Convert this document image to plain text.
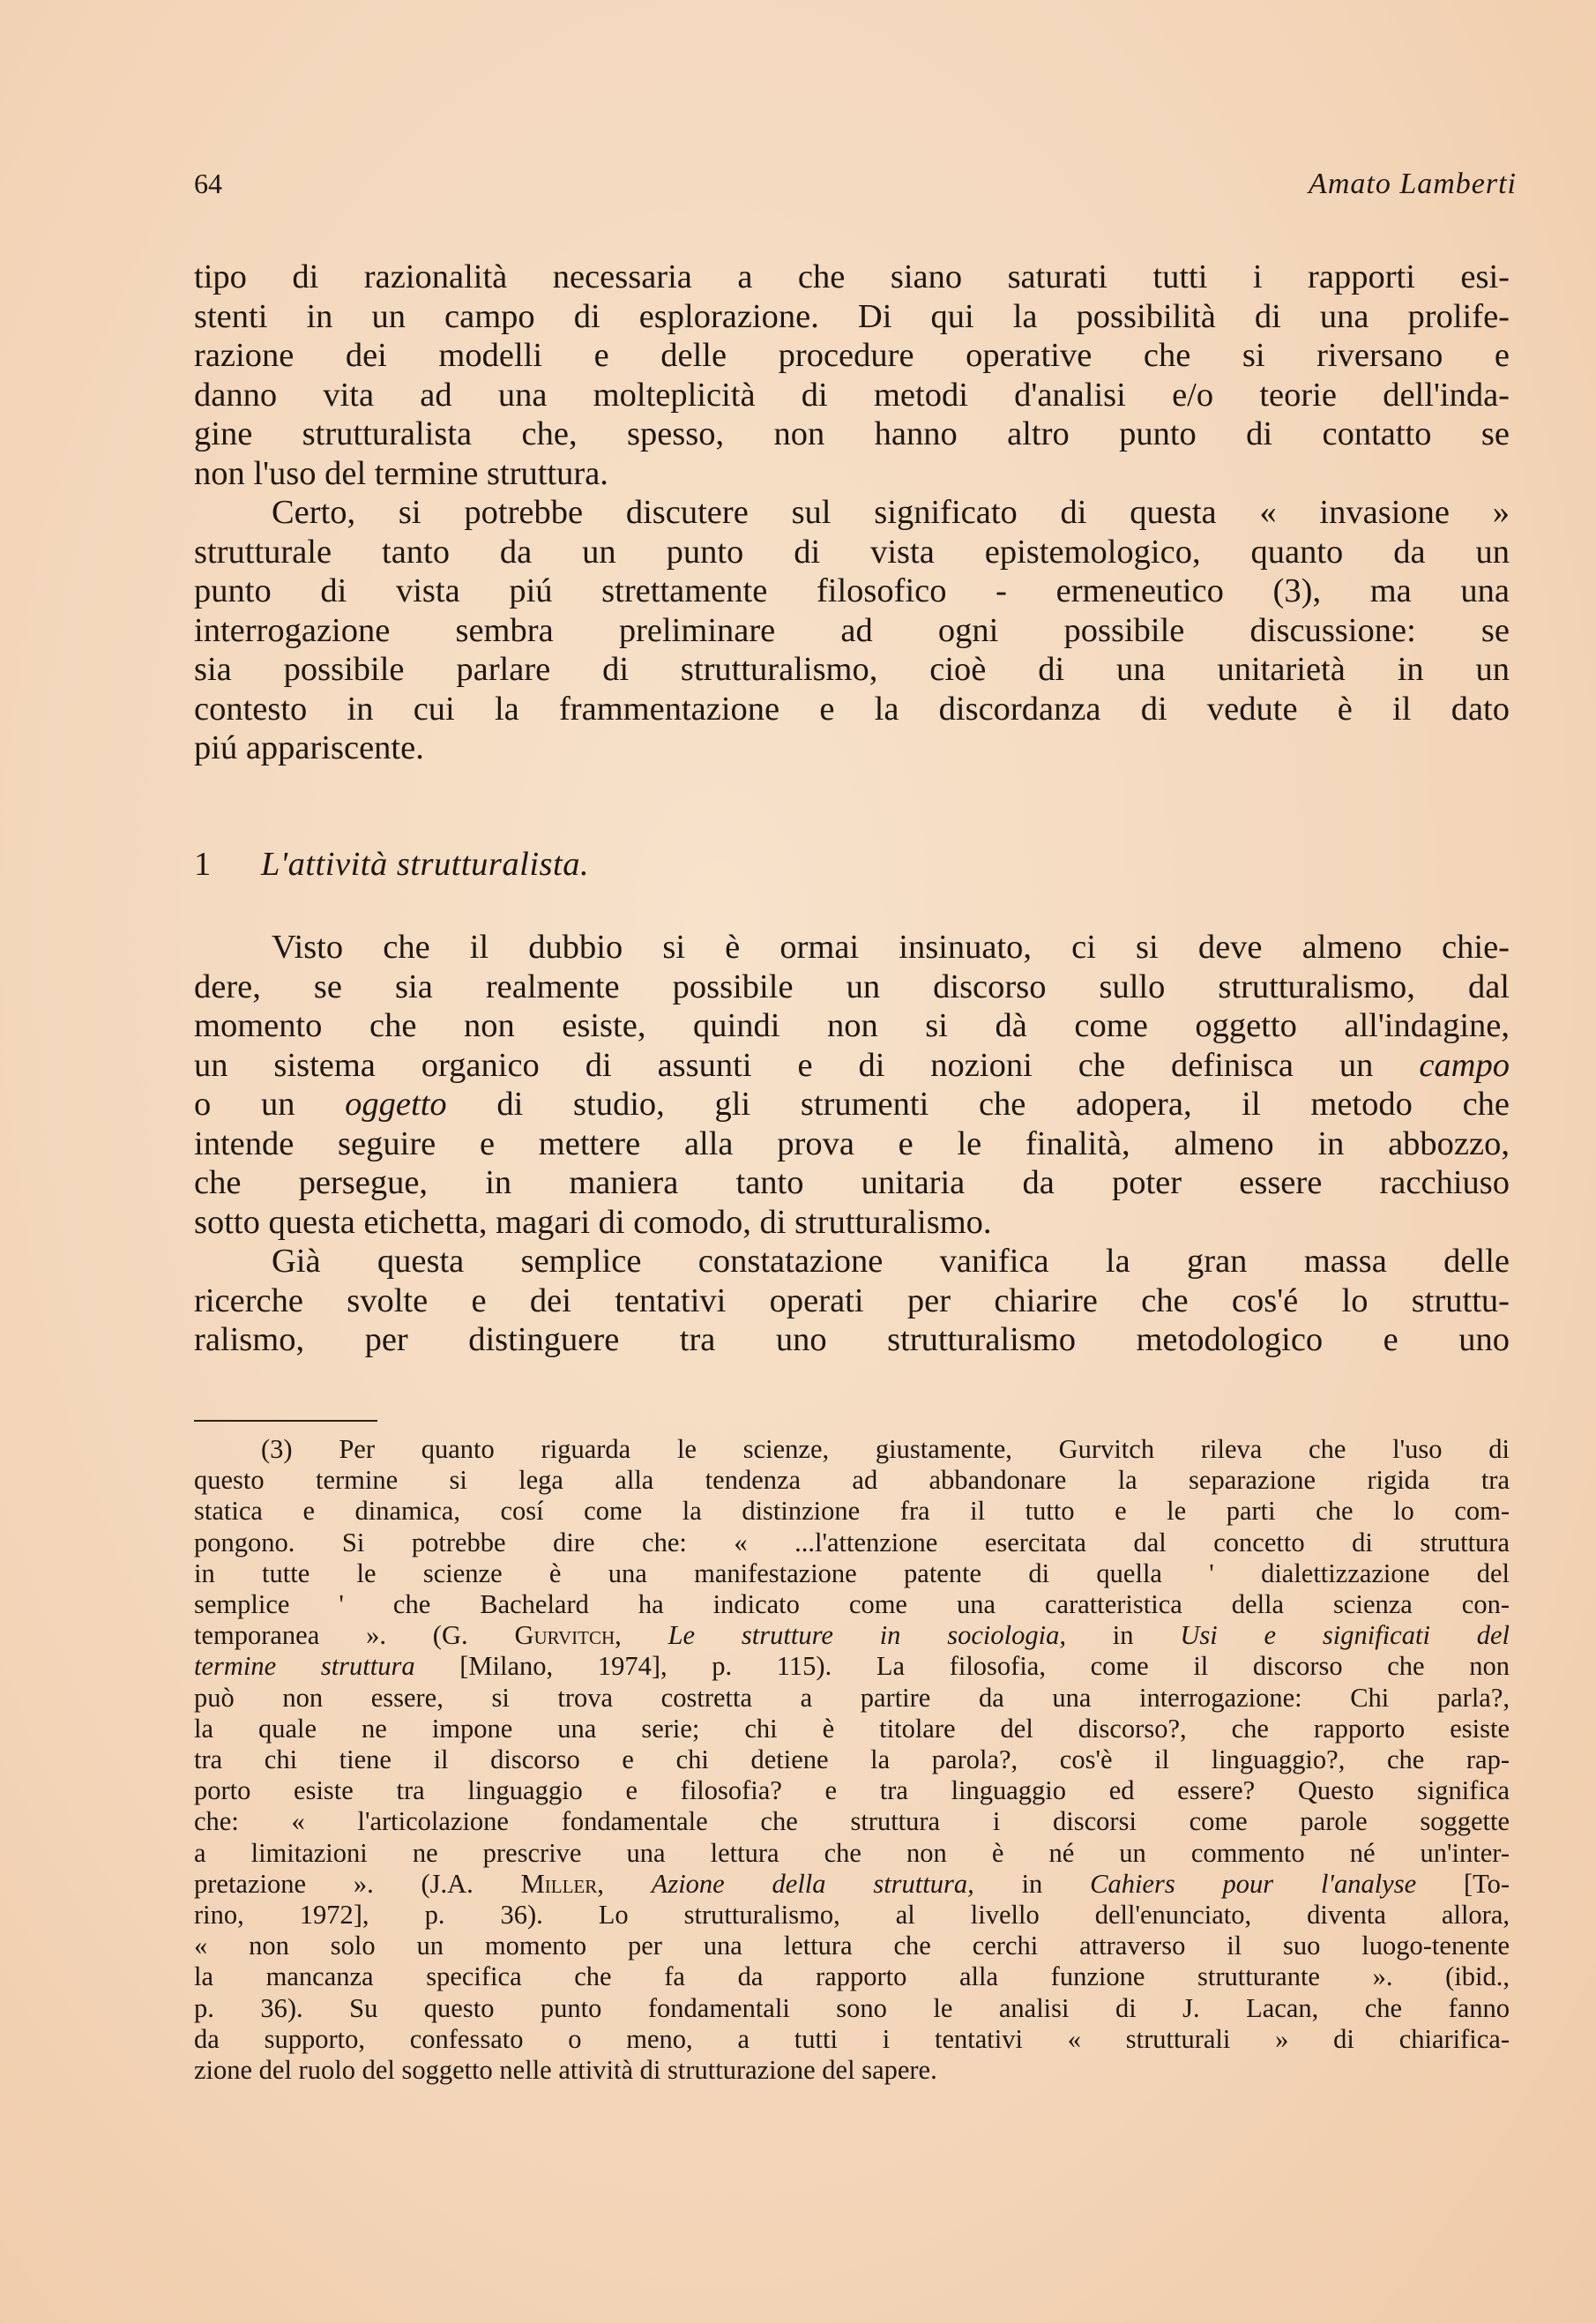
64	Amato Lamberti

tipo di razionalità necessaria a che siano saturati tutti i rapporti esi-

stenti in un campo di esplorazione. Di qui la possibilità di una prolife-

razione dei modelli e delle procedure operative che si riversano e

danno vita ad una molteplicità di metodi d'analisi e/o teorie dell'inda-

gine strutturalista che, spesso, non hanno altro punto di contatto se

non l'uso del termine struttura.

Certo, si potrebbe discutere sul significato di questa « invasione »

strutturale tanto da un punto di vista epistemologico, quanto da un

punto di vista piú strettamente filosofico - ermeneutico (3), ma una

interrogazione sembra preliminare ad ogni possibile discussione: se

sia possibile parlare di strutturalismo, cioè di una unitarietà in un

contesto in cui la frammentazione e la discordanza di vedute è il dato

piú appariscente.

1 L'attività strutturalista.

Visto che il dubbio si è ormai insinuato, ci si deve almeno chie-

dere, se sia realmente possibile un discorso sullo strutturalismo, dal

momento che non esiste, quindi non si dà come oggetto all'indagine,

un sistema organico di assunti e di nozioni che definisca un campo

o un oggetto di studio, gli strumenti che adopera, il metodo che

intende seguire e mettere alla prova e le finalità, almeno in abbozzo,

che persegue, in maniera tanto unitaria da poter essere racchiuso

sotto questa etichetta, magari di comodo, di strutturalismo.

Già questa semplice constatazione vanifica la gran massa delle

ricerche svolte e dei tentativi operati per chiarire che cos'é lo struttu-

ralismo, per distinguere tra uno strutturalismo metodologico e uno

(3) Per quanto riguarda le scienze, giustamente, Gurvitch rileva che l'uso di

questo termine si lega alla tendenza ad abbandonare la separazione rigida tra

statica e dinamica, cosí come la distinzione fra il tutto e le parti che lo com-

pongono. Si potrebbe dire che: « ...l'attenzione esercitata dal concetto di struttura

in tutte le scienze è una manifestazione patente di quella ' dialettizzazione del

semplice ' che Bachelard ha indicato come una caratteristica della scienza con-

temporanea ». (G. Gurvitch, Le strutture in sociologia, in Usi e significati del

termine struttura [Milano, 1974], p. 115). La filosofia, come il discorso che non

può non essere, si trova costretta a partire da una interrogazione: Chi parla?,

la quale ne impone una serie; chi è titolare del discorso?, che rapporto esiste

tra chi tiene il discorso e chi detiene la parola?, cos'è il linguaggio?, che rap-

porto esiste tra linguaggio e filosofia? e tra linguaggio ed essere? Questo significa

che: « l'articolazione fondamentale che struttura i discorsi come parole soggette

a limitazioni ne prescrive una lettura che non è né un commento né un'inter-

pretazione ». (J.A. Miller, Azione della struttura, in Cahiers pour l'analyse [To-

rino, 1972], p. 36). Lo strutturalismo, al livello dell'enunciato, diventa allora,

« non solo un momento per una lettura che cerchi attraverso il suo luogo-tenente

la mancanza specifica che fa da rapporto alla funzione strutturante ». (ibid.,

p. 36). Su questo punto fondamentali sono le analisi di J. Lacan, che fanno

da supporto, confessato o meno, a tutti i tentativi « strutturali » di chiarifica-

zione del ruolo del soggetto nelle attività di strutturazione del sapere.
